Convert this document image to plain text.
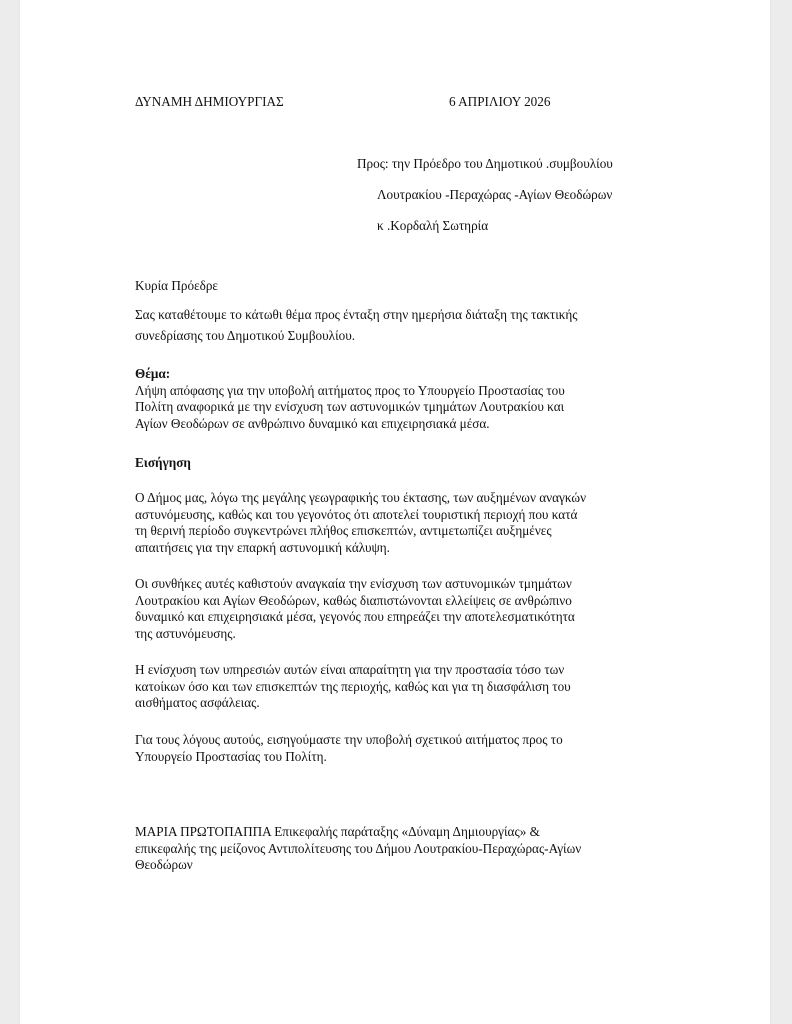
ΔΥΝΑΜΗ ΔΗΜΙΟΥΡΓΙΑΣ	6 ΑΠΡΙΛΙΟΥ 2026
Προς: την Πρόεδρο του Δημοτικού .συμβουλίου
Λουτρακίου -Περαχώρας -Αγίων Θεοδώρων
κ .Κορδαλή Σωτηρία
Κυρία Πρόεδρε
Σας καταθέτουμε το κάτωθι θέμα προς ένταξη στην ημερήσια διάταξη της τακτικής
συνεδρίασης του Δημοτικού Συμβουλίου.
Θέμα:
Λήψη απόφασης για την υποβολή αιτήματος προς το Υπουργείο Προστασίας του
Πολίτη αναφορικά με την ενίσχυση των αστυνομικών τμημάτων Λουτρακίου και
Αγίων Θεοδώρων σε ανθρώπινο δυναμικό και επιχειρησιακά μέσα.
Εισήγηση
Ο Δήμος μας, λόγω της μεγάλης γεωγραφικής του έκτασης, των αυξημένων αναγκών
αστυνόμευσης, καθώς και του γεγονότος ότι αποτελεί τουριστική περιοχή που κατά
τη θερινή περίοδο συγκεντρώνει πλήθος επισκεπτών, αντιμετωπίζει αυξημένες
απαιτήσεις για την επαρκή αστυνομική κάλυψη.
Οι συνθήκες αυτές καθιστούν αναγκαία την ενίσχυση των αστυνομικών τμημάτων
Λουτρακίου και Αγίων Θεοδώρων, καθώς διαπιστώνονται ελλείψεις σε ανθρώπινο
δυναμικό και επιχειρησιακά μέσα, γεγονός που επηρεάζει την αποτελεσματικότητα
της αστυνόμευσης.
Η ενίσχυση των υπηρεσιών αυτών είναι απαραίτητη για την προστασία τόσο των
κατοίκων όσο και των επισκεπτών της περιοχής, καθώς και για τη διασφάλιση του
αισθήματος ασφάλειας.
Για τους λόγους αυτούς, εισηγούμαστε την υποβολή σχετικού αιτήματος προς το
Υπουργείο Προστασίας του Πολίτη.
ΜΑΡΙΑ ΠΡΩΤΟΠΑΠΠΑ Επικεφαλής παράταξης «Δύναμη Δημιουργίας» &
επικεφαλής της μείζονος Αντιπολίτευσης του Δήμου Λουτρακίου-Περαχώρας-Αγίων
Θεοδώρων
